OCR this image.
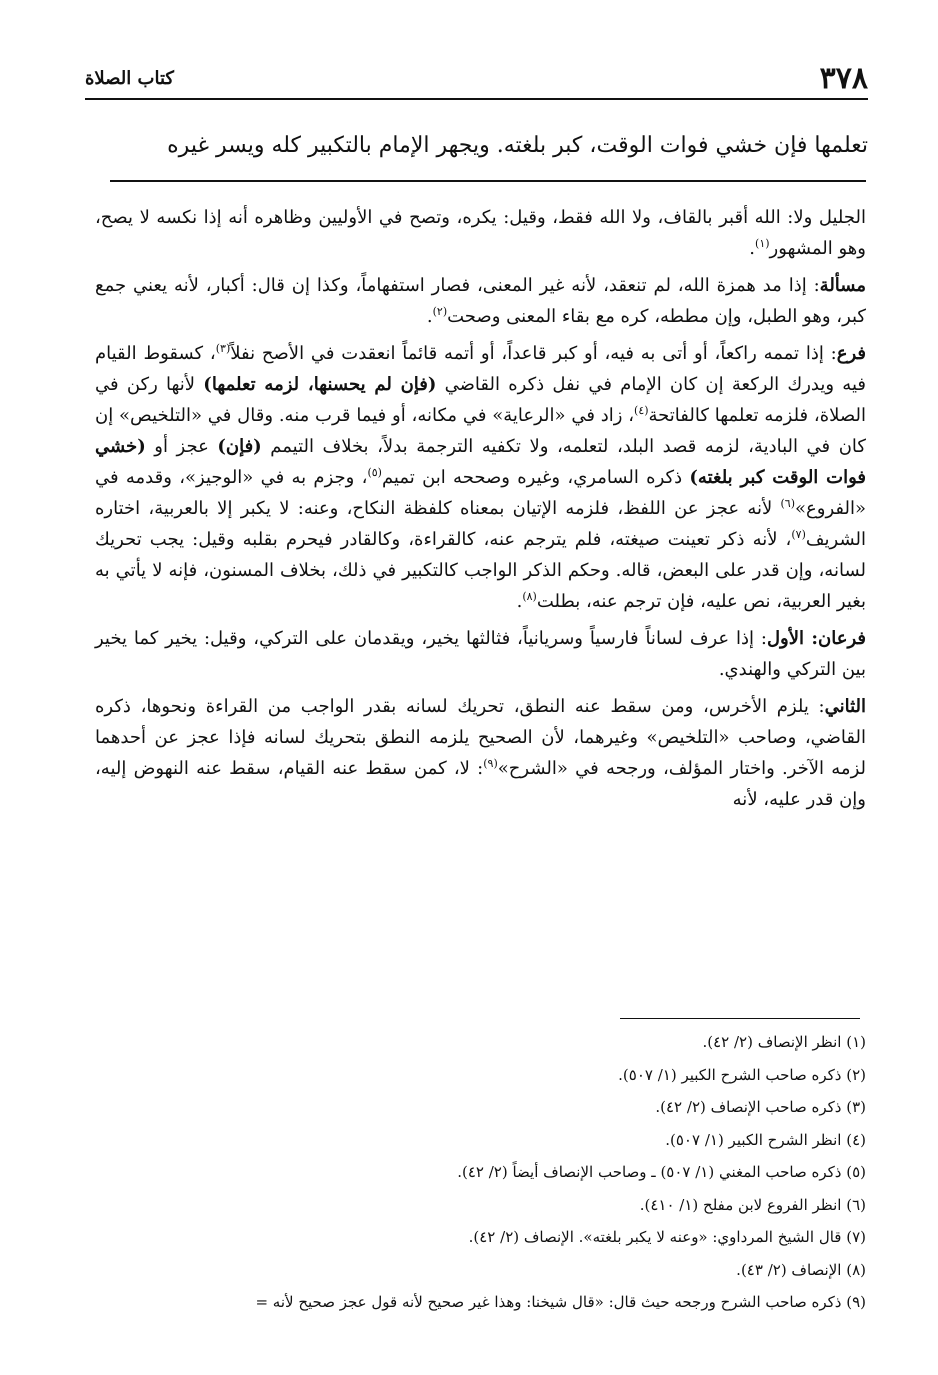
٣٧٨
كتاب الصلاة
تعلمها فإن خشي فوات الوقت، كبر بلغته. ويجهر الإمام بالتكبير كله ويسر غيره

الجليل ولا: الله أقبر بالقاف، ولا الله فقط، وقيل: يكره، وتصح في الأوليين وظاهره أنه إذا نكسه لا يصح، وهو المشهور$^{(١)}$.

مسألة: إذا مد همزة الله، لم تنعقد، لأنه غير المعنى، فصار استفهاماً، وكذا إن قال: أكبار، لأنه يعني جمع كبر، وهو الطبل، وإن مططه، كره مع بقاء المعنى وصحت$^{(٢)}$.

فرع: إذا تممه راكعاً، أو أتى به فيه، أو كبر قاعداً، أو أتمه قائماً انعقدت في الأصح نفلاً$^{(٣)}$، كسقوط القيام فيه ويدرك الركعة إن كان الإمام في نفل ذكره القاضي (فإن لم يحسنها، لزمه تعلمها) لأنها ركن في الصلاة، فلزمه تعلمها كالفاتحة$^{(٤)}$، زاد في «الرعاية» في مكانه، أو فيما قرب منه. وقال في «التلخيص» إن كان في البادية، لزمه قصد البلد، لتعلمه، ولا تكفيه الترجمة بدلاً، بخلاف التيمم (فإن) عجز أو (خشي فوات الوقت كبر بلغته) ذكره السامري، وغيره وصححه ابن تميم$^{(٥)}$، وجزم به في «الوجيز»، وقدمه في «الفروع»$^{(٦)}$ لأنه عجز عن اللفظ، فلزمه الإتيان بمعناه كلفظة النكاح، وعنه: لا يكبر إلا بالعربية، اختاره الشريف$^{(٧)}$، لأنه ذكر تعينت صيغته، فلم يترجم عنه، كالقراءة، وكالقادر فيحرم بقلبه وقيل: يجب تحريك لسانه، وإن قدر على البعض، قاله. وحكم الذكر الواجب كالتكبير في ذلك، بخلاف المسنون، فإنه لا يأتي به بغير العربية، نص عليه، فإن ترجم عنه، بطلت$^{(٨)}$.

فرعان: الأول: إذا عرف لساناً فارسياً وسريانياً، فثالثها يخير، ويقدمان على التركي، وقيل: يخير كما يخير بين التركي والهندي.

الثاني: يلزم الأخرس، ومن سقط عنه النطق، تحريك لسانه بقدر الواجب من القراءة ونحوها، ذكره القاضي، وصاحب «التلخيص» وغيرهما، لأن الصحيح يلزمه النطق بتحريك لسانه فإذا عجز عن أحدهما لزمه الآخر. واختار المؤلف، ورجحه في «الشرح»$^{(٩)}$: لا، كمن سقط عنه القيام، سقط عنه النهوض إليه، وإن قدر عليه، لأنه

(١) انظر الإنصاف (٢/ ٤٢).

(٢) ذكره صاحب الشرح الكبير (١/ ٥٠٧).

(٣) ذكره صاحب الإنصاف (٢/ ٤٢).

(٤) انظر الشرح الكبير (١/ ٥٠٧).

(٥) ذكره صاحب المغني (١/ ٥٠٧) ـ وصاحب الإنصاف أيضاً (٢/ ٤٢).

(٦) انظر الفروع لابن مفلح (١/ ٤١٠).

(٧) قال الشيخ المرداوي: «وعنه لا يكبر بلغته». الإنصاف (٢/ ٤٢).

(٨) الإنصاف (٢/ ٤٣).

(٩) ذكره صاحب الشرح ورجحه حيث قال: «قال شيخنا: وهذا غير صحيح لأنه قول عجز صحيح لأنه =
